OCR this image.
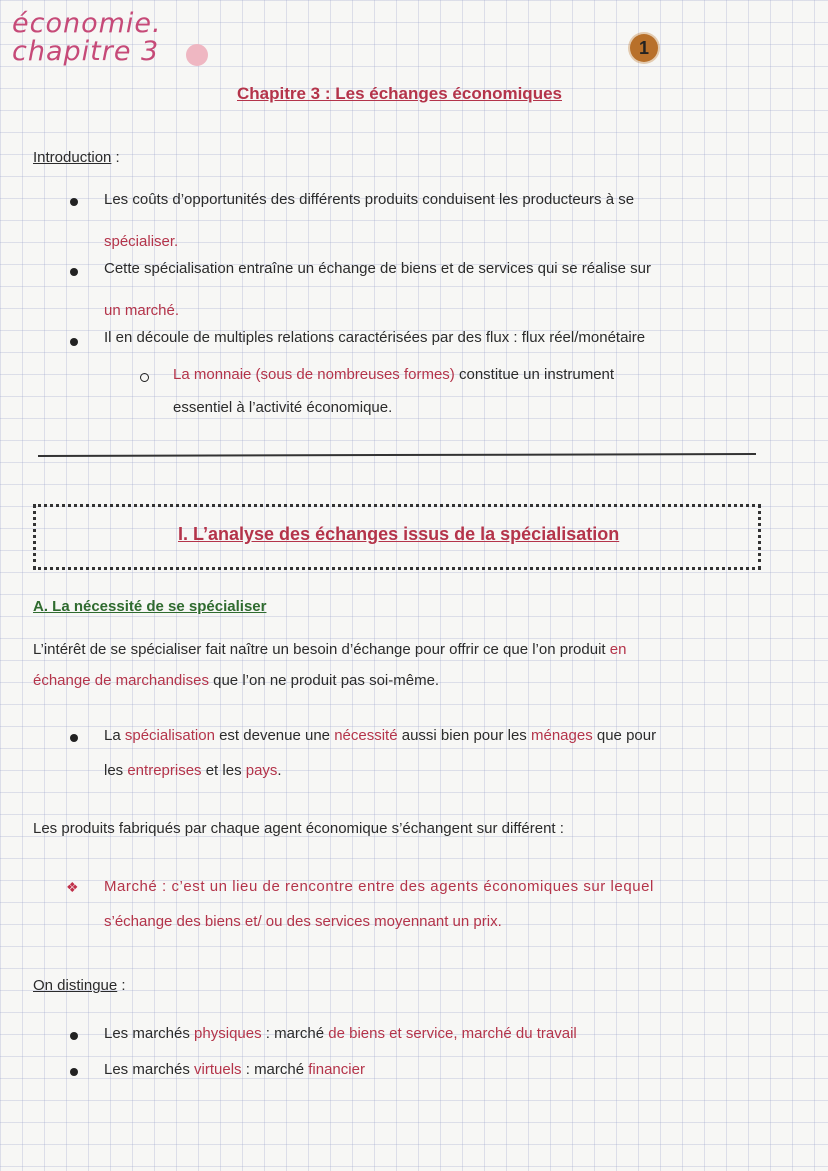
économie.
chapitre 3	1
Chapitre 3 : Les échanges économiques
Introduction :
Les coûts d’opportunités des différents produits conduisent les producteurs à se
spécialiser.
Cette spécialisation entraîne un échange de biens et de services qui se réalise sur
un marché.
Il en découle de multiples relations caractérisées par des flux : flux réel/monétaire
La monnaie (sous de nombreuses formes) constitue un instrument
essentiel à l’activité économique.
I. L’analyse des échanges issus de la spécialisation
A. La nécessité de se spécialiser
L’intérêt de se spécialiser fait naître un besoin d’échange pour offrir ce que l’on produit en
échange de marchandises que l’on ne produit pas soi-même.
La spécialisation est devenue une nécessité aussi bien pour les ménages que pour
les entreprises et les pays.
Les produits fabriqués par chaque agent économique s’échangent sur différent :
❖ Marché : c’est un lieu de rencontre entre des agents économiques sur lequel
s’échange des biens et/ ou des services moyennant un prix.
On distingue :
Les marchés physiques : marché de biens et service, marché du travail
Les marchés virtuels : marché financier
